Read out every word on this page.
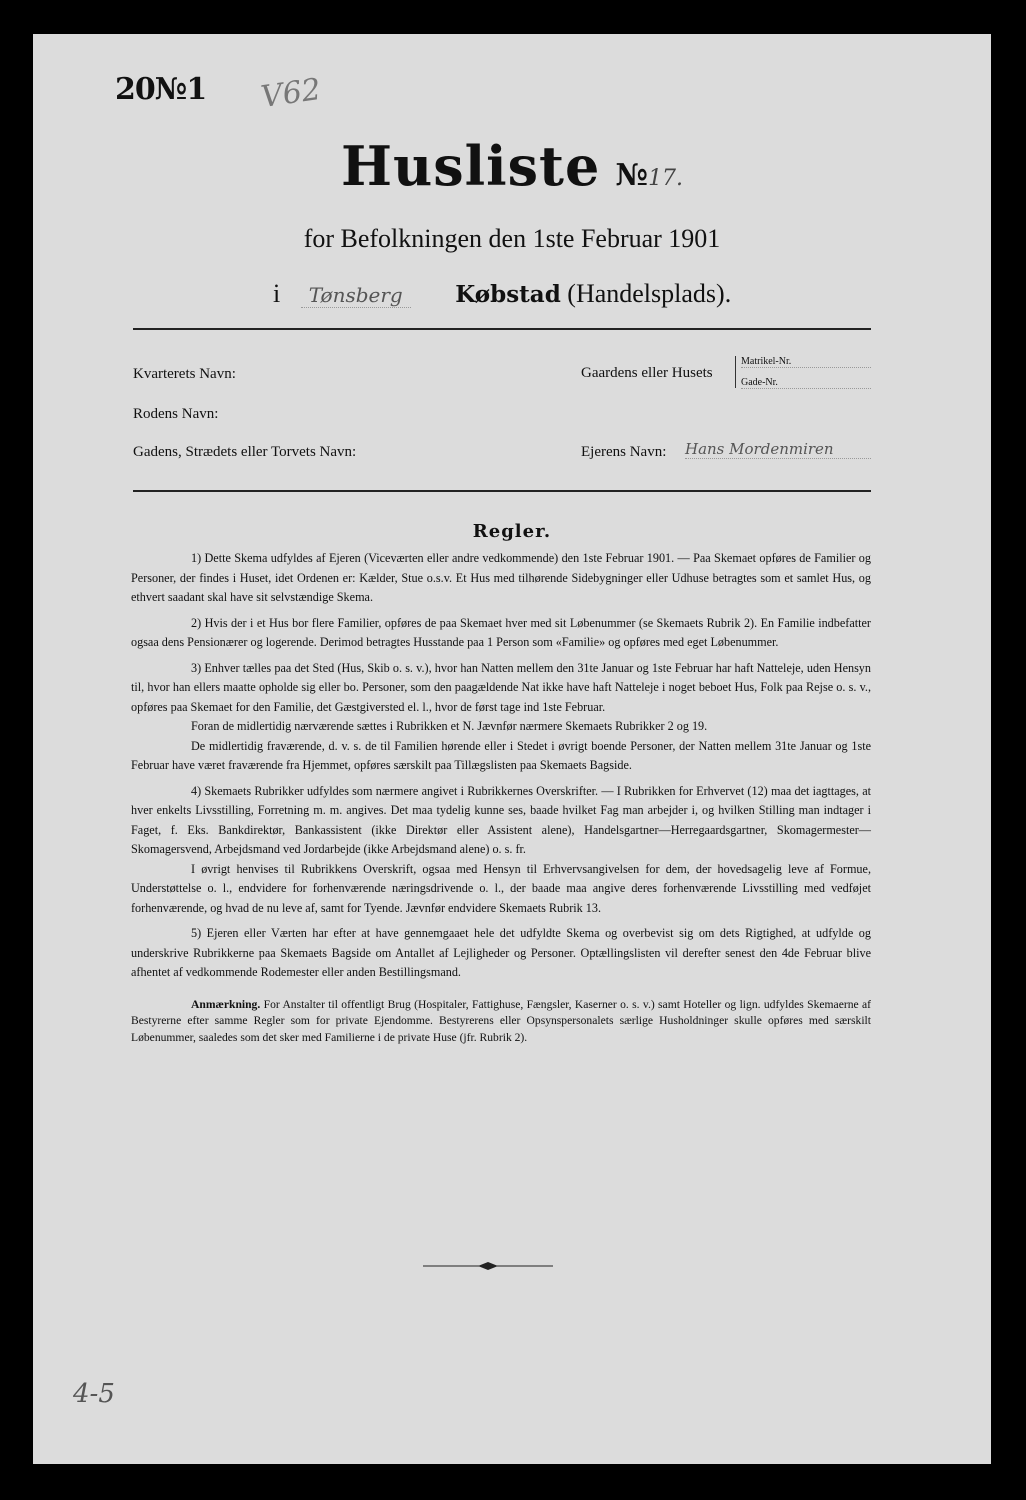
20№1 V62
Husliste №17.
for Befolkningen den 1ste Februar 1901
i Tønsberg Købstad (Handelsplads).
Kvarterets Navn:
Rodens Navn:
Gadens, Strædets eller Torvets Navn:
Gaardens eller Husets
Matrikel-Nr.
Gade-Nr.
Ejerens Navn: Hans Mordenmiren
Regler.

1) Dette Skema udfyldes af Ejeren (Viceværten eller andre vedkommende) den 1ste Februar 1901. — Paa Skemaet opføres de Familier og Personer, der findes i Huset, idet Ordenen er: Kælder, Stue o.s.v. Et Hus med tilhørende Sidebygninger eller Udhuse betragtes som et samlet Hus, og ethvert saadant skal have sit selvstændige Skema.

2) Hvis der i et Hus bor flere Familier, opføres de paa Skemaet hver med sit Løbenummer (se Skemaets Rubrik 2). En Familie indbefatter ogsaa dens Pensionærer og logerende. Derimod betragtes Husstande paa 1 Person som «Familie» og opføres med eget Løbenummer.

3) Enhver tælles paa det Sted (Hus, Skib o. s. v.), hvor han Natten mellem den 31te Januar og 1ste Februar har haft Natteleje, uden Hensyn til, hvor han ellers maatte opholde sig eller bo. Personer, som den paagældende Nat ikke have haft Natteleje i noget beboet Hus, Folk paa Rejse o. s. v., opføres paa Skemaet for den Familie, det Gæstgiversted el. l., hvor de først tage ind 1ste Februar.

Foran de midlertidig nærværende sættes i Rubrikken et N. Jævnfør nærmere Skemaets Rubrikker 2 og 19.

De midlertidig fraværende, d. v. s. de til Familien hørende eller i Stedet i øvrigt boende Personer, der Natten mellem 31te Januar og 1ste Februar have været fraværende fra Hjemmet, opføres særskilt paa Tillægslisten paa Skemaets Bagside.

4) Skemaets Rubrikker udfyldes som nærmere angivet i Rubrikkernes Overskrifter. — I Rubrikken for Erhvervet (12) maa det iagttages, at hver enkelts Livsstilling, Forretning m. m. angives. Det maa tydelig kunne ses, baade hvilket Fag man arbejder i, og hvilken Stilling man indtager i Faget, f. Eks. Bankdirektør, Bankassistent (ikke Direktør eller Assistent alene), Handelsgartner—Herregaardsgartner, Skomagermester—Skomagersvend, Arbejdsmand ved Jordarbejde (ikke Arbejdsmand alene) o. s. fr.

I øvrigt henvises til Rubrikkens Overskrift, ogsaa med Hensyn til Erhvervsangivelsen for dem, der hovedsagelig leve af Formue, Understøttelse o. l., endvidere for forhenværende næringsdrivende o. l., der baade maa angive deres forhenværende Livsstilling med vedføjet forhenværende, og hvad de nu leve af, samt for Tyende. Jævnfør endvidere Skemaets Rubrik 13.

5) Ejeren eller Værten har efter at have gennemgaaet hele det udfyldte Skema og overbevist sig om dets Rigtighed, at udfylde og underskrive Rubrikkerne paa Skemaets Bagside om Antallet af Lejligheder og Personer. Optællingslisten vil derefter senest den 4de Februar blive afhentet af vedkommende Rodemester eller anden Bestillingsmand.

Anmærkning. For Anstalter til offentligt Brug (Hospitaler, Fattighuse, Fængsler, Kaserner o. s. v.) samt Hoteller og lign. udfyldes Skemaerne af Bestyrerne efter samme Regler som for private Ejendomme. Bestyrerens eller Opsynspersonalets særlige Husholdninger skulle opføres med særskilt Løbenummer, saaledes som det sker med Familierne i de private Huse (jfr. Rubrik 2).

4-5
